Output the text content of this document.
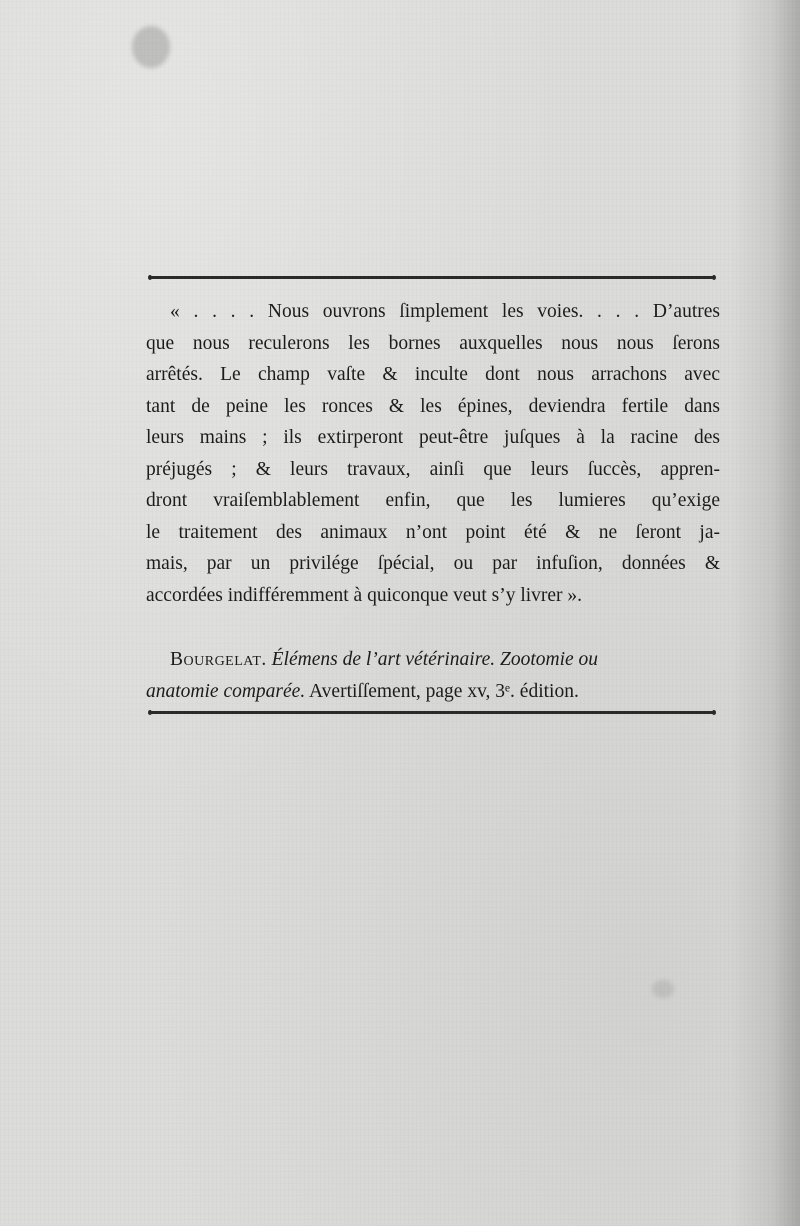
« . . . . Nous ouvrons ſimplement les voies. . . . D’autres
que nous reculerons les bornes auxquelles nous nous ſerons
arrêtés. Le champ vaſte & inculte dont nous arrachons avec
tant de peine les ronces & les épines, deviendra fertile dans
leurs mains ; ils extirperont peut-être juſques à la racine des
préjugés ; & leurs travaux, ainſi que leurs ſuccès, appren-
dront vraiſemblablement enfin, que les lumieres qu’exige
le traitement des animaux n’ont point été & ne ſeront ja-
mais, par un privilége ſpécial, ou par infuſion, données &
accordées indifféremment à quiconque veut s’y livrer ».
Bourgelat. Élémens de l’art vétérinaire. Zootomie ou
anatomie comparée. Avertiſſement, page xv, 3ᵉ. édition.
